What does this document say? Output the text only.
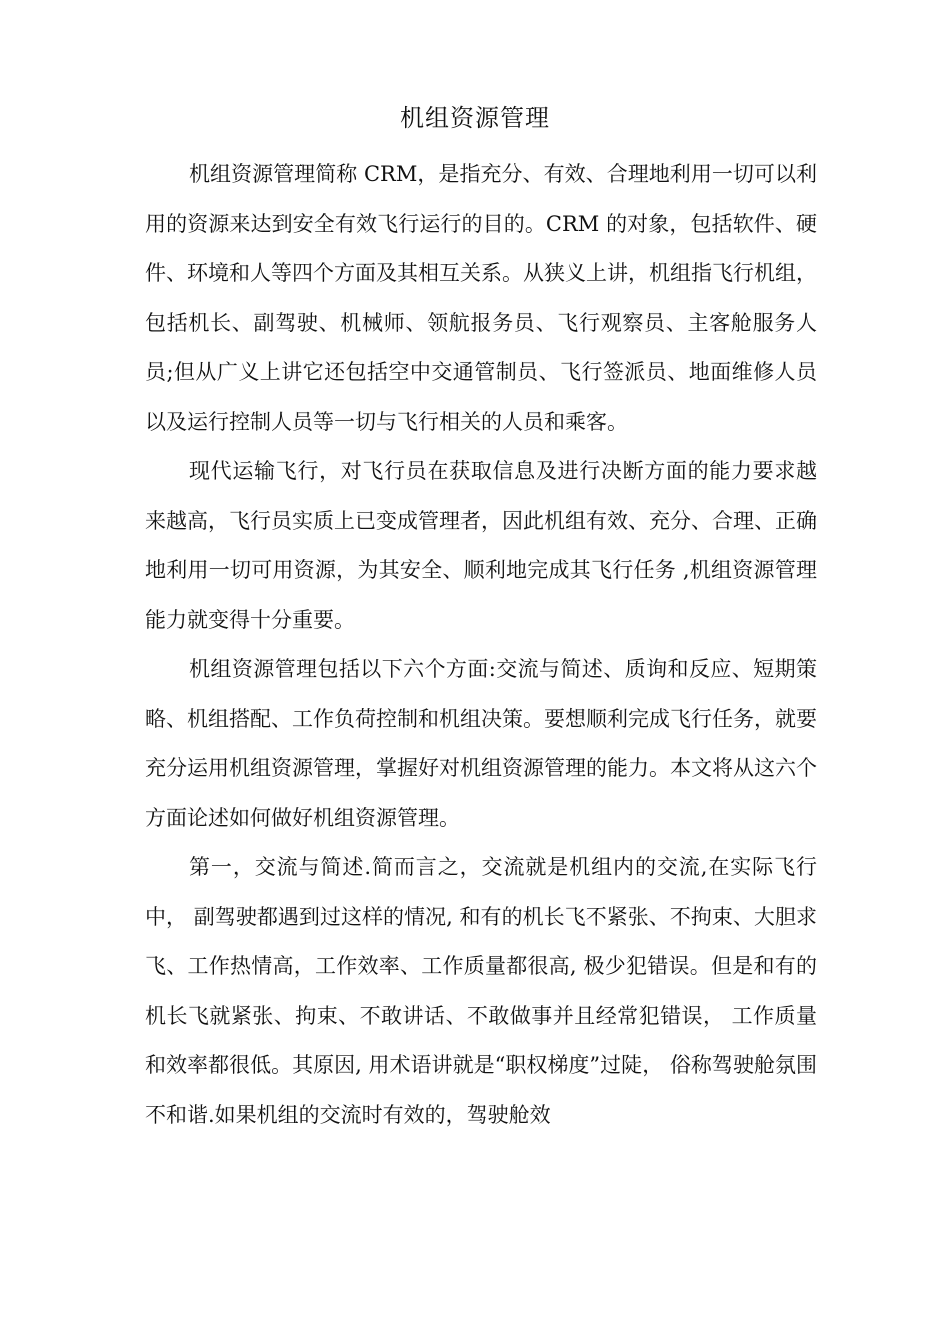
机组资源管理

机组资源管理简称 CRM，是指充分、有效、合理地利用一切可以利用的资源来达到安全有效飞行运行的目的。CRM 的对象，包括软件、硬件、环境和人等四个方面及其相互关系。从狭义上讲，机组指飞行机组，包括机长、副驾驶、机械师、领航报务员、飞行观察员、主客舱服务人员;但从广义上讲它还包括空中交通管制员、飞行签派员、地面维修人员以及运行控制人员等一切与飞行相关的人员和乘客。

现代运输飞行，对飞行员在获取信息及进行决断方面的能力要求越来越高，飞行员实质上已变成管理者，因此机组有效、充分、合理、正确地利用一切可用资源，为其安全、顺利地完成其飞行任务 ,机组资源管理能力就变得十分重要。

机组资源管理包括以下六个方面:交流与简述、质询和反应、短期策略、机组搭配、工作负荷控制和机组决策。要想顺利完成飞行任务，就要充分运用机组资源管理，掌握好对机组资源管理的能力。本文将从这六个方面论述如何做好机组资源管理。

第一，交流与简述.简而言之，交流就是机组内的交流,在实际飞行中， 副驾驶都遇到过这样的情况, 和有的机长飞不紧张、不拘束、大胆求飞、工作热情高，工作效率、工作质量都很高, 极少犯错误。但是和有的机长飞就紧张、拘束、不敢讲话、不敢做事并且经常犯错误， 工作质量和效率都很低。其原因, 用术语讲就是“职权梯度”过陡， 俗称驾驶舱氛围不和谐.如果机组的交流时有效的，驾驶舱效
